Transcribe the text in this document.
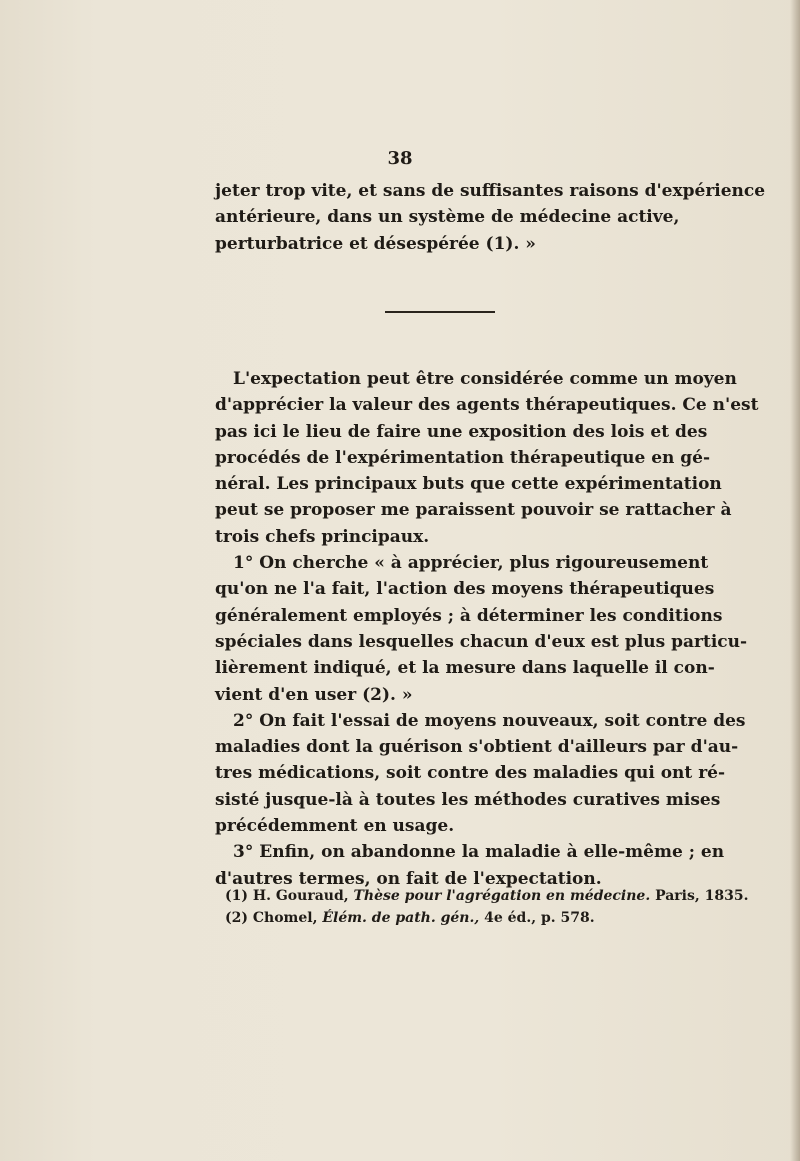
38
jeter trop vite, et sans de suffisantes raisons d'expérience
antérieure, dans un système de médecine active,
perturbatrice et désespérée (1). »
L'expectation peut être considérée comme un moyen
d'apprécier la valeur des agents thérapeutiques. Ce n'est
pas ici le lieu de faire une exposition des lois et des
procédés de l'expérimentation thérapeutique en gé-
néral. Les principaux buts que cette expérimentation
peut se proposer me paraissent pouvoir se rattacher à
trois chefs principaux.
1° On cherche « à apprécier, plus rigoureusement
qu'on ne l'a fait, l'action des moyens thérapeutiques
généralement employés ; à déterminer les conditions
spéciales dans lesquelles chacun d'eux est plus particu-
lièrement indiqué, et la mesure dans laquelle il con-
vient d'en user (2). »
2° On fait l'essai de moyens nouveaux, soit contre des
maladies dont la guérison s'obtient d'ailleurs par d'au-
tres médications, soit contre des maladies qui ont ré-
sisté jusque-là à toutes les méthodes curatives mises
précédemment en usage.
3° Enfin, on abandonne la maladie à elle-même ; en
d'autres termes, on fait de l'expectation.
(1) H. Gouraud, Thèse pour l'agrégation en médecine. Paris, 1835.
(2) Chomel, Élém. de path. gén., 4e éd., p. 578.
